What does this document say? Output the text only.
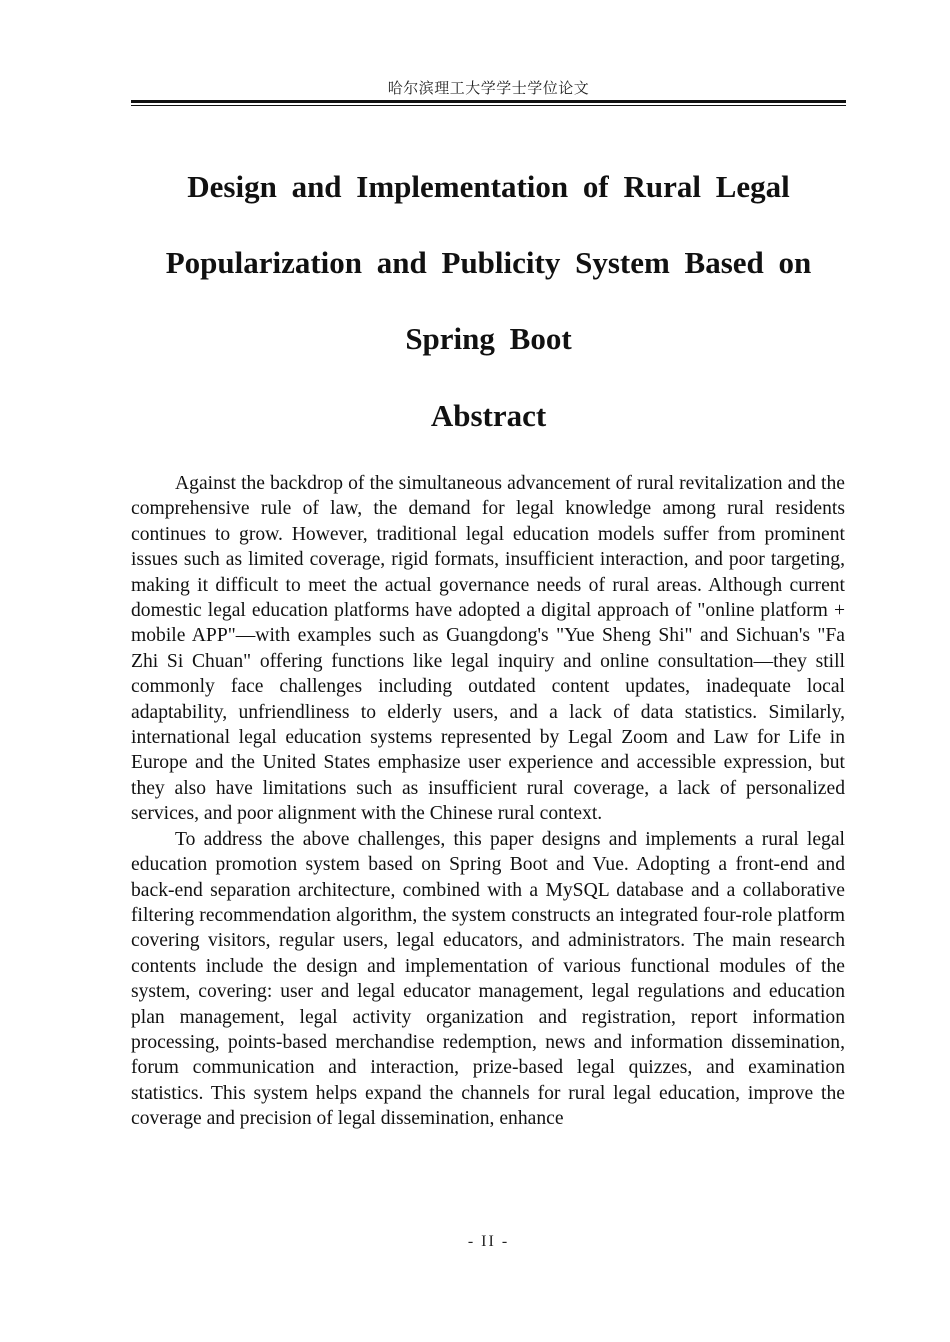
哈尔滨理工大学学士学位论文
Design and Implementation of Rural Legal
Popularization and Publicity System Based on
Spring Boot
Abstract

Against the backdrop of the simultaneous advancement of rural revitalization and the comprehensive rule of law, the demand for legal knowledge among rural residents continues to grow. However, traditional legal education models suffer from prominent issues such as limited coverage, rigid formats, insufficient interaction, and poor targeting, making it difficult to meet the actual governance needs of rural areas. Although current domestic legal education platforms have adopted a digital approach of "online platform + mobile APP"—with examples such as Guangdong's "Yue Sheng Shi" and Sichuan's "Fa Zhi Si Chuan" offering functions like legal inquiry and online consultation—they still commonly face challenges including outdated content updates, inadequate local adaptability, unfriendliness to elderly users, and a lack of data statistics. Similarly, international legal education systems represented by Legal Zoom and Law for Life in Europe and the United States emphasize user experience and accessible expression, but they also have limitations such as insufficient rural coverage, a lack of personalized services, and poor alignment with the Chinese rural context.

To address the above challenges, this paper designs and implements a rural legal education promotion system based on Spring Boot and Vue. Adopting a front-end and back-end separation architecture, combined with a MySQL database and a collaborative filtering recommendation algorithm, the system constructs an integrated four-role platform covering visitors, regular users, legal educators, and administrators. The main research contents include the design and implementation of various functional modules of the system, covering: user and legal educator management, legal regulations and education plan management, legal activity organization and registration, report information processing, points-based merchandise redemption, news and information dissemination, forum communication and interaction, prize-based legal quizzes, and examination statistics. This system helps expand the channels for rural legal education, improve the coverage and precision of legal dissemination, enhance

- II -
